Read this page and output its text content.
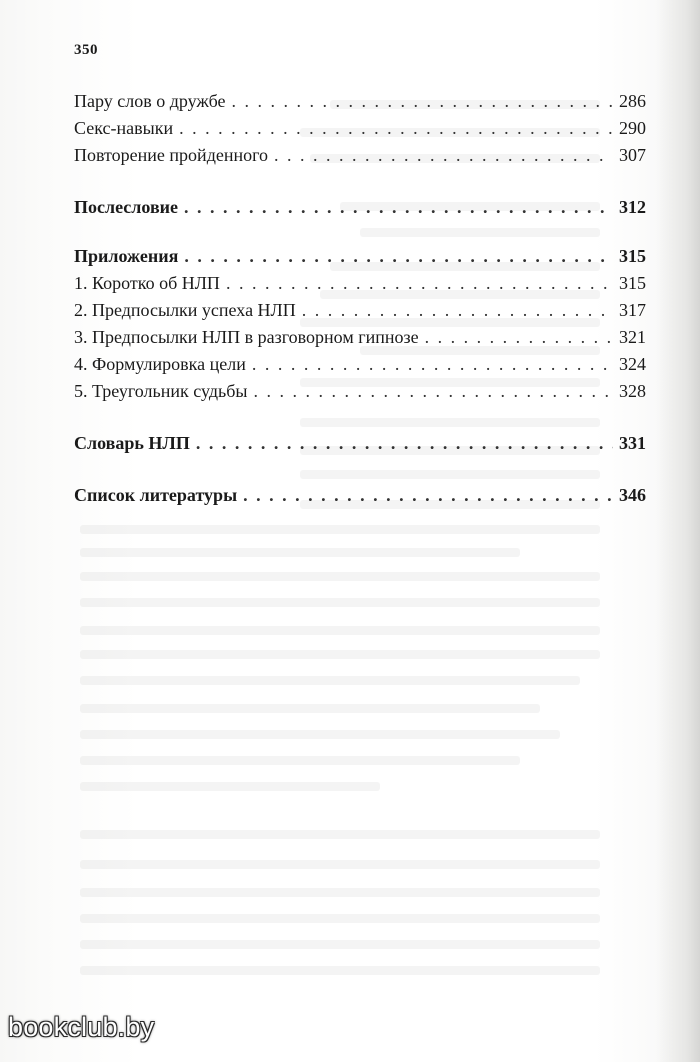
350
Пару слов о дружбе . . .	286
Секс-навыки . . .	290
Повторение пройденного . . .	307
Послесловие . . .	312
Приложения . . .	315
1. Коротко об НЛП . . .	315
2. Предпосылки успеха НЛП . . .	317
3. Предпосылки НЛП в разговорном гипнозе . . .	321
4. Формулировка цели . . .	324
5. Треугольник судьбы . . .	328
Словарь НЛП . . .	331
Список литературы . . .	346
bookclub.by
